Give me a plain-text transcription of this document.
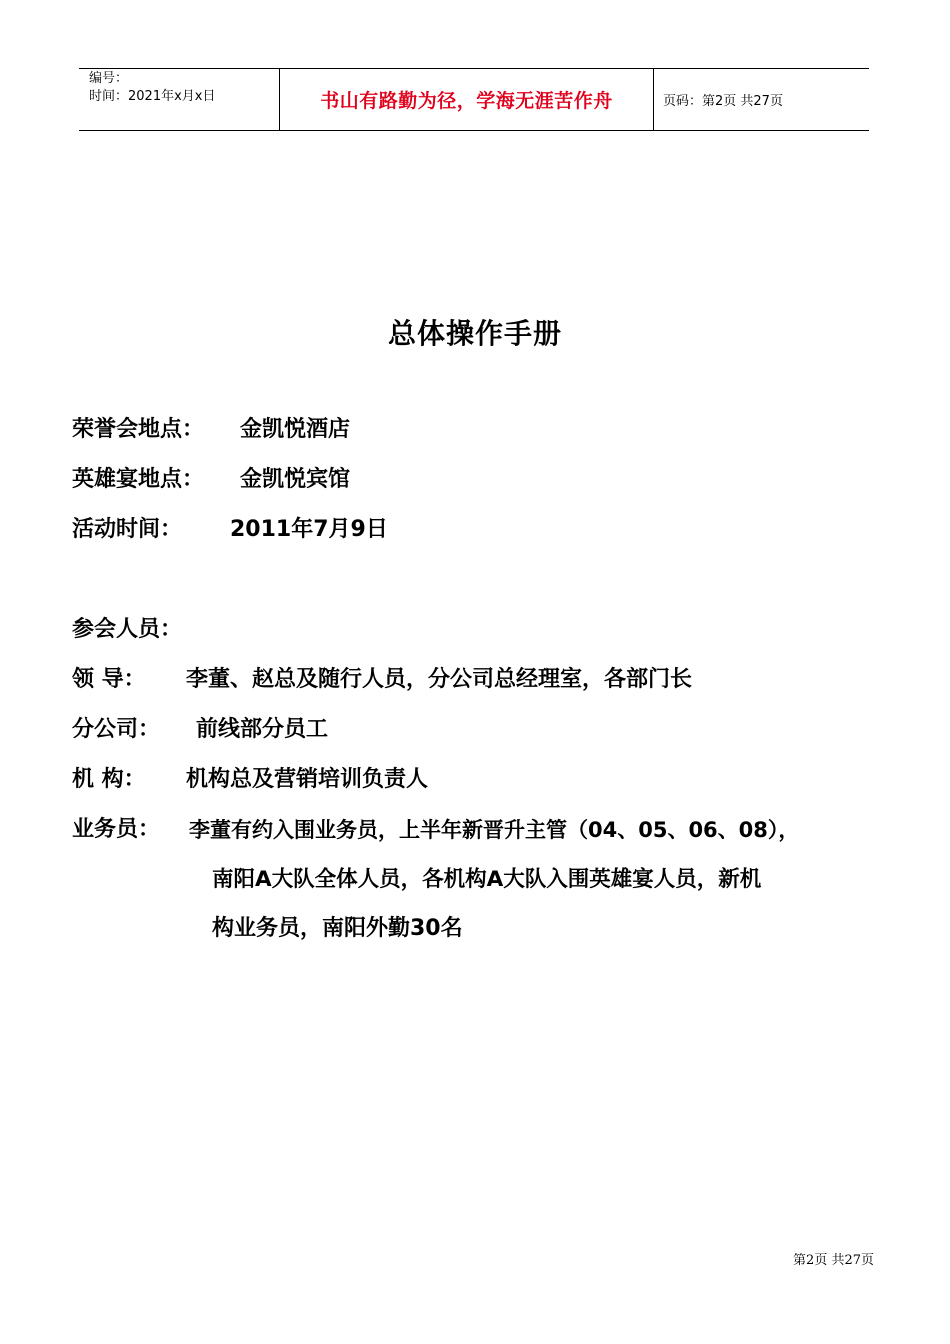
编号：
时间：2021年x月x日	书山有路勤为径，学海无涯苦作舟	页码：第2页 共27页
总体操作手册
荣誉会地点： 金凯悦酒店
英雄宴地点： 金凯悦宾馆
活动时间： 2011年7月9日
参会人员：
领 导： 李董、赵总及随行人员，分公司总经理室，各部门长
分公司： 前线部分员工
机 构： 机构总及营销培训负责人
业务员： 李董有约入围业务员，上半年新晋升主管（04、05、06、08），
南阳A大队全体人员，各机构A大队入围英雄宴人员，新机
构业务员，南阳外勤30名
第2页 共27页
